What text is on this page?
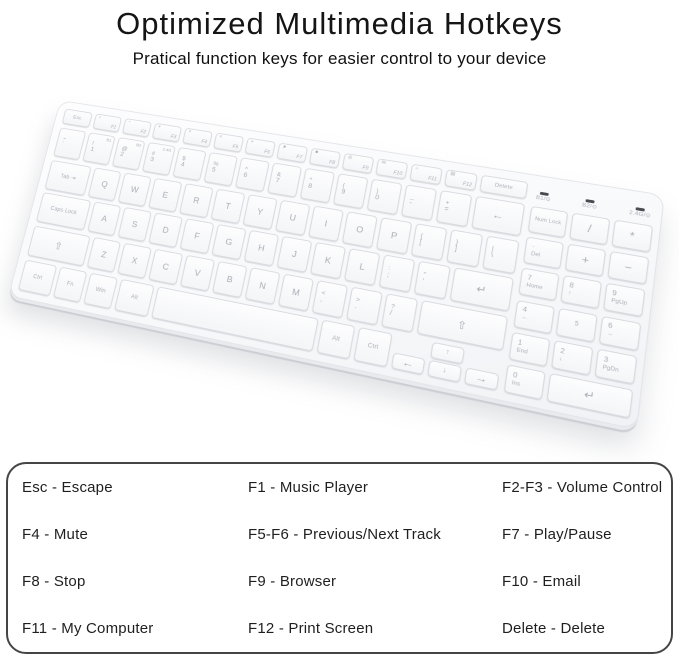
Optimized Multimedia Hotkeys

Pratical function keys for easier control to your device

Esc	♪
F1
−
F2
+
F3
×
F4
«
F5
»
F6
►
F7
■
F8
◎
F9
✉
F10
⌂
F11
▤
F12	Delete
~
`	!
1
B1
@
2
B2
#
3
2.4G
$
4	%
5	^
6	&
7	*
8	(
9	)
0	_
-	+
=	←
Tab ⇥
Q
W
E
R
T
Y
U
I
O
P	{
[	}
]	|
\
Caps Lock
A
S
D
F
G
H
J
K
L	:
;	"
'
↵
⇧
Z
X
C
V
B
N
M	<
,	>
.	?
/
⇧
Ctrl
Fn
Win
Alt
Alt
Ctrl
←
↑
↓
→
B1/⊙
B2/⊙
2.4G/⊙
Num Lock
/
*
·
Del	+
−
7
Home	8
↑	9
PgUp
4
←
5	6
→
1
End	2
↓	3
PgDn
0
Ins
↵
Esc - Escape	F1 - Music Player	F2-F3 - Volume Control
F4 - Mute	F5-F6 - Previous/Next Track	F7 - Play/Pause
F8 - Stop	F9 - Browser	F10 - Email
F11 - My Computer	F12 - Print Screen	Delete - Delete
